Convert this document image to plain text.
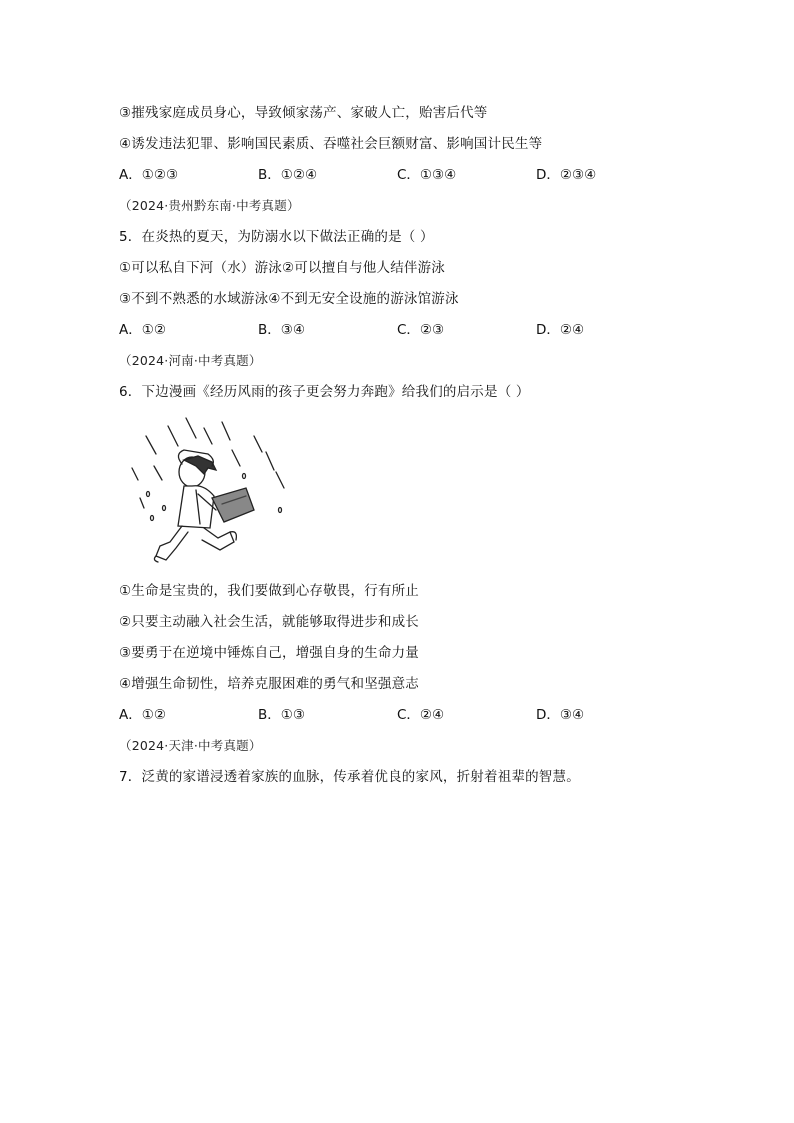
③摧残家庭成员身心，导致倾家荡产、家破人亡，贻害后代等
④诱发违法犯罪、影响国民素质、吞噬社会巨额财富、影响国计民生等
A．①②③	B．①②④	C．①③④	D．②③④
（2024·贵州黔东南·中考真题）
5．在炎热的夏天，为防溺水以下做法正确的是（ ）
①可以私自下河（水）游泳②可以擅自与他人结伴游泳
③不到不熟悉的水域游泳④不到无安全设施的游泳馆游泳
A．①②	B．③④	C．②③	D．②④
（2024·河南·中考真题）
6．下边漫画《经历风雨的孩子更会努力奔跑》给我们的启示是（ ）
①生命是宝贵的，我们要做到心存敬畏，行有所止
②只要主动融入社会生活，就能够取得进步和成长
③要勇于在逆境中锤炼自己，增强自身的生命力量
④增强生命韧性，培养克服困难的勇气和坚强意志
A．①②	B．①③	C．②④	D．③④
（2024·天津·中考真题）
7．泛黄的家谱浸透着家族的血脉，传承着优良的家风，折射着祖辈的智慧。
